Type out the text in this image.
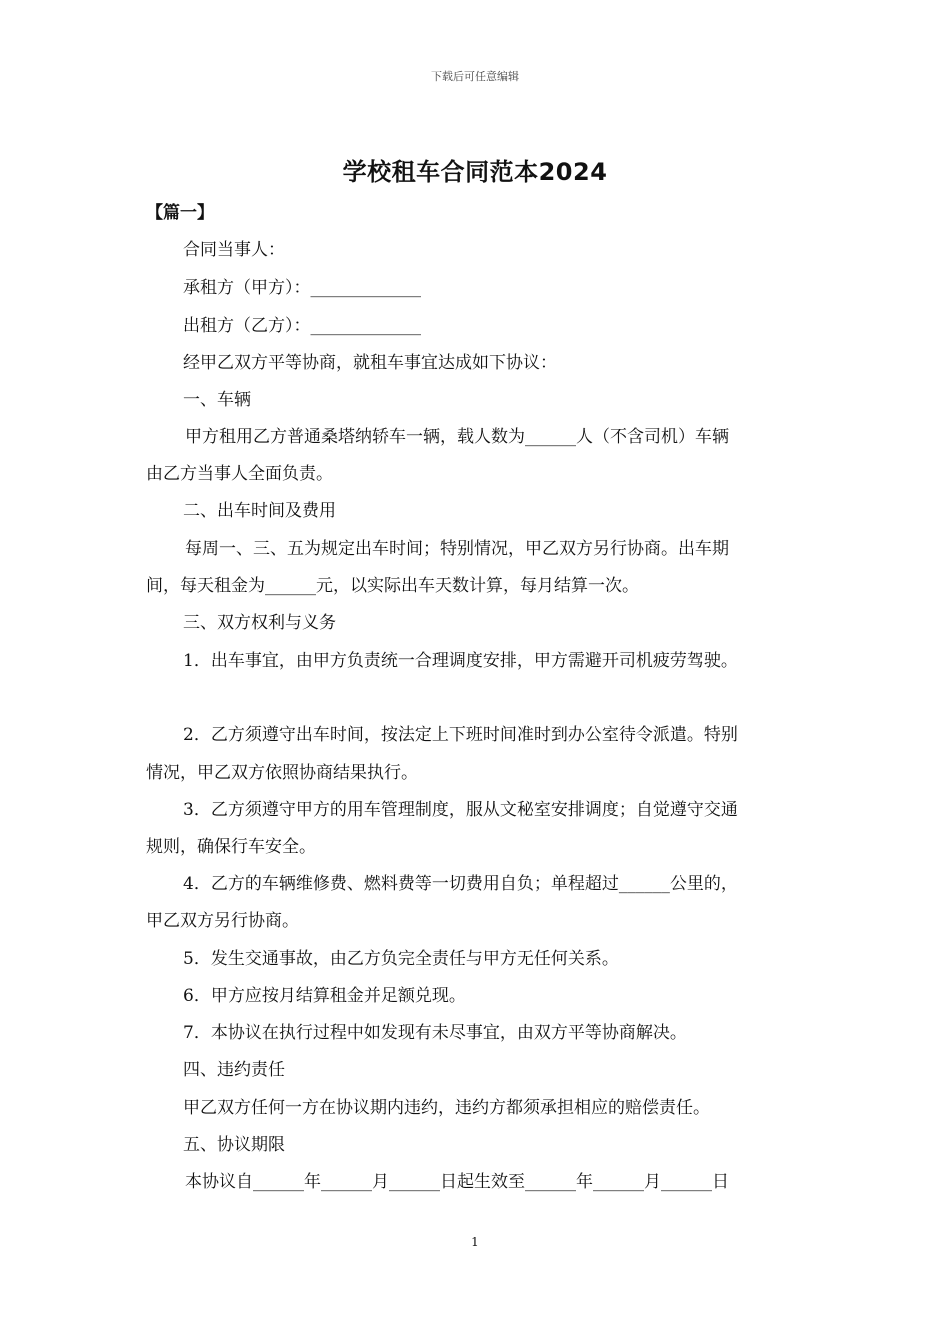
下载后可任意编辑
学校租车合同范本2024
【篇一】
合同当事人：
承租方（甲方）：_____________
出租方（乙方）：_____________
经甲乙双方平等协商，就租车事宜达成如下协议：
一、车辆
甲方租用乙方普通桑塔纳轿车一辆，载人数为______人（不含司机）车辆
由乙方当事人全面负责。
二、出车时间及费用
每周一、三、五为规定出车时间；特别情况，甲乙双方另行协商。出车期
间，每天租金为______元，以实际出车天数计算，每月结算一次。
三、双方权利与义务
1．出车事宜，由甲方负责统一合理调度安排，甲方需避开司机疲劳驾驶。
2．乙方须遵守出车时间，按法定上下班时间准时到办公室待令派遣。特别
情况，甲乙双方依照协商结果执行。
3．乙方须遵守甲方的用车管理制度，服从文秘室安排调度；自觉遵守交通
规则，确保行车安全。
4．乙方的车辆维修费、燃料费等一切费用自负；单程超过______公里的，
甲乙双方另行协商。
5．发生交通事故，由乙方负完全责任与甲方无任何关系。
6．甲方应按月结算租金并足额兑现。
7．本协议在执行过程中如发现有未尽事宜，由双方平等协商解决。
四、违约责任
甲乙双方任何一方在协议期内违约，违约方都须承担相应的赔偿责任。
五、协议期限
本协议自______年______月______日起生效至______年______月______日
1
